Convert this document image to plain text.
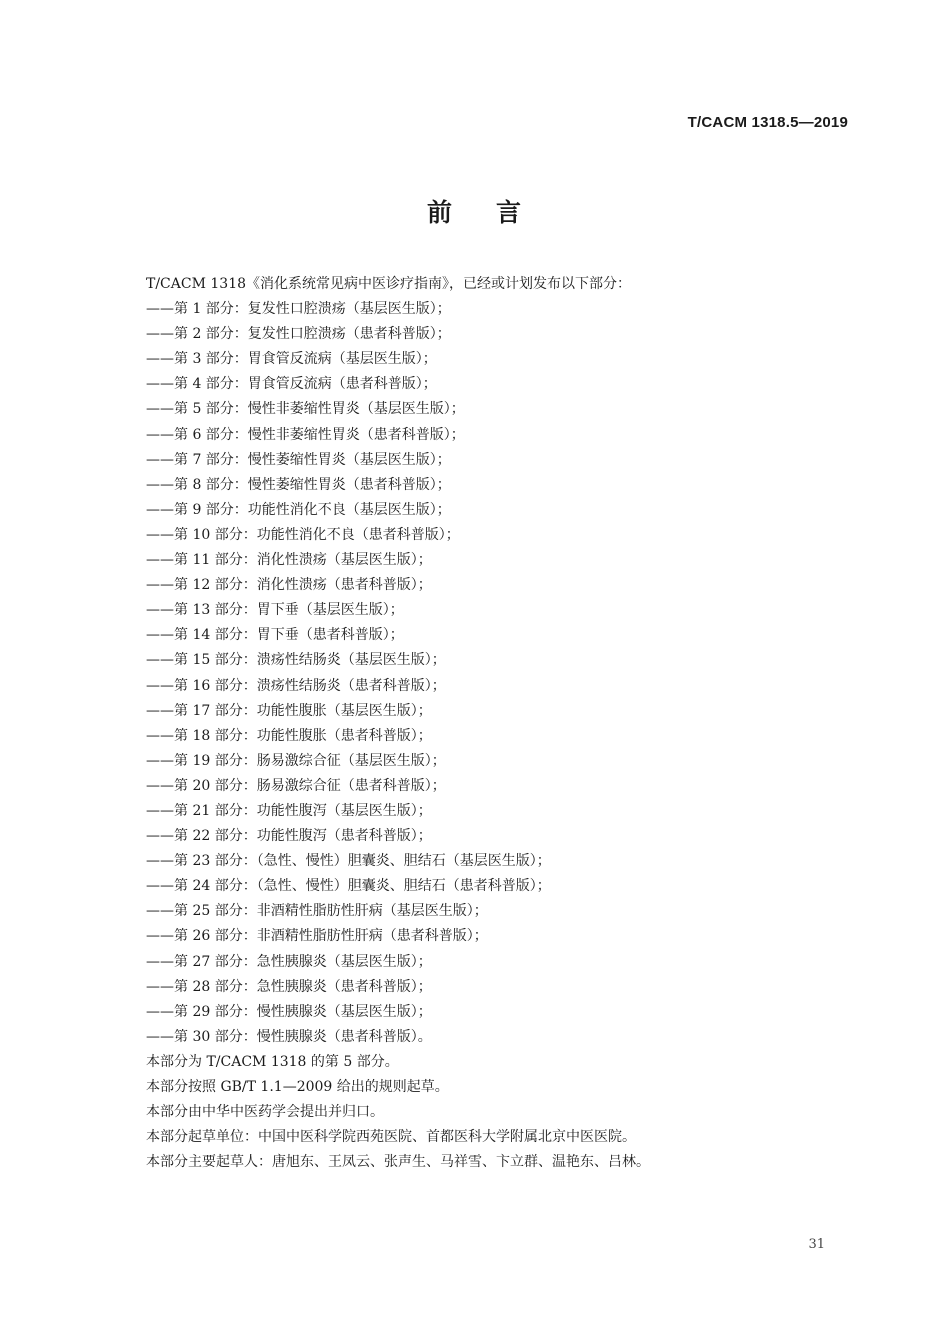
T/CACM 1318.5—2019
前 言
T/CACM 1318《消化系统常见病中医诊疗指南》，已经或计划发布以下部分：
——第 1 部分：复发性口腔溃疡（基层医生版）；
——第 2 部分：复发性口腔溃疡（患者科普版）；
——第 3 部分：胃食管反流病（基层医生版）；
——第 4 部分：胃食管反流病（患者科普版）；
——第 5 部分：慢性非萎缩性胃炎（基层医生版）；
——第 6 部分：慢性非萎缩性胃炎（患者科普版）；
——第 7 部分：慢性萎缩性胃炎（基层医生版）；
——第 8 部分：慢性萎缩性胃炎（患者科普版）；
——第 9 部分：功能性消化不良（基层医生版）；
——第 10 部分：功能性消化不良（患者科普版）；
——第 11 部分：消化性溃疡（基层医生版）；
——第 12 部分：消化性溃疡（患者科普版）；
——第 13 部分：胃下垂（基层医生版）；
——第 14 部分：胃下垂（患者科普版）；
——第 15 部分：溃疡性结肠炎（基层医生版）；
——第 16 部分：溃疡性结肠炎（患者科普版）；
——第 17 部分：功能性腹胀（基层医生版）；
——第 18 部分：功能性腹胀（患者科普版）；
——第 19 部分：肠易激综合征（基层医生版）；
——第 20 部分：肠易激综合征（患者科普版）；
——第 21 部分：功能性腹泻（基层医生版）；
——第 22 部分：功能性腹泻（患者科普版）；
——第 23 部分：（急性、慢性）胆囊炎、胆结石（基层医生版）；
——第 24 部分：（急性、慢性）胆囊炎、胆结石（患者科普版）；
——第 25 部分：非酒精性脂肪性肝病（基层医生版）；
——第 26 部分：非酒精性脂肪性肝病（患者科普版）；
——第 27 部分：急性胰腺炎（基层医生版）；
——第 28 部分：急性胰腺炎（患者科普版）；
——第 29 部分：慢性胰腺炎（基层医生版）；
——第 30 部分：慢性胰腺炎（患者科普版）。
本部分为 T/CACM 1318 的第 5 部分。
本部分按照 GB/T 1.1—2009 给出的规则起草。
本部分由中华中医药学会提出并归口。
本部分起草单位：中国中医科学院西苑医院、首都医科大学附属北京中医医院。
本部分主要起草人：唐旭东、王凤云、张声生、马祥雪、卞立群、温艳东、吕林。
31
